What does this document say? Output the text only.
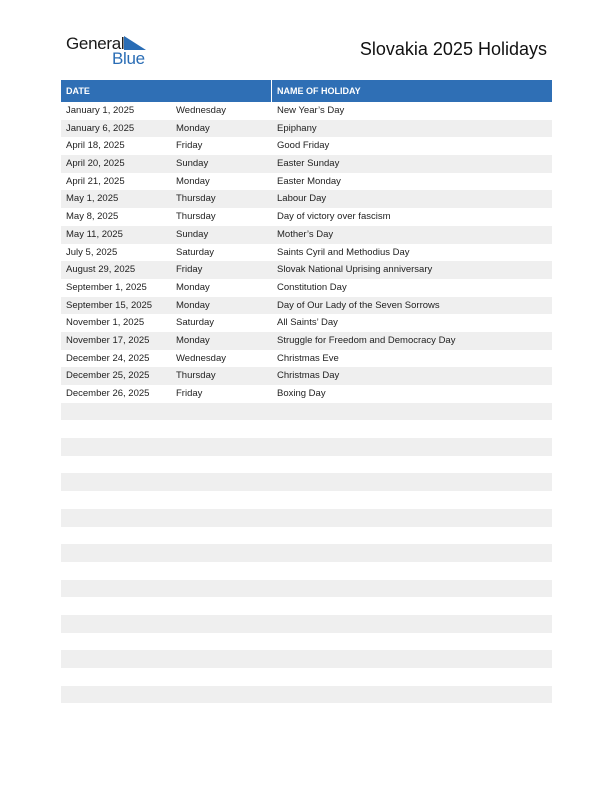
General
Blue	Slovakia 2025 Holidays
DATE	NAME OF HOLIDAY
January 1, 2025	Wednesday	New Year’s Day
January 6, 2025	Monday	Epiphany
April 18, 2025	Friday	Good Friday
April 20, 2025	Sunday	Easter Sunday
April 21, 2025	Monday	Easter Monday
May 1, 2025	Thursday	Labour Day
May 8, 2025	Thursday	Day of victory over fascism
May 11, 2025	Sunday	Mother’s Day
July 5, 2025	Saturday	Saints Cyril and Methodius Day
August 29, 2025	Friday	Slovak National Uprising anniversary
September 1, 2025	Monday	Constitution Day
September 15, 2025	Monday	Day of Our Lady of the Seven Sorrows
November 1, 2025	Saturday	All Saints’ Day
November 17, 2025	Monday	Struggle for Freedom and Democracy Day
December 24, 2025	Wednesday	Christmas Eve
December 25, 2025	Thursday	Christmas Day
December 26, 2025	Friday	Boxing Day
